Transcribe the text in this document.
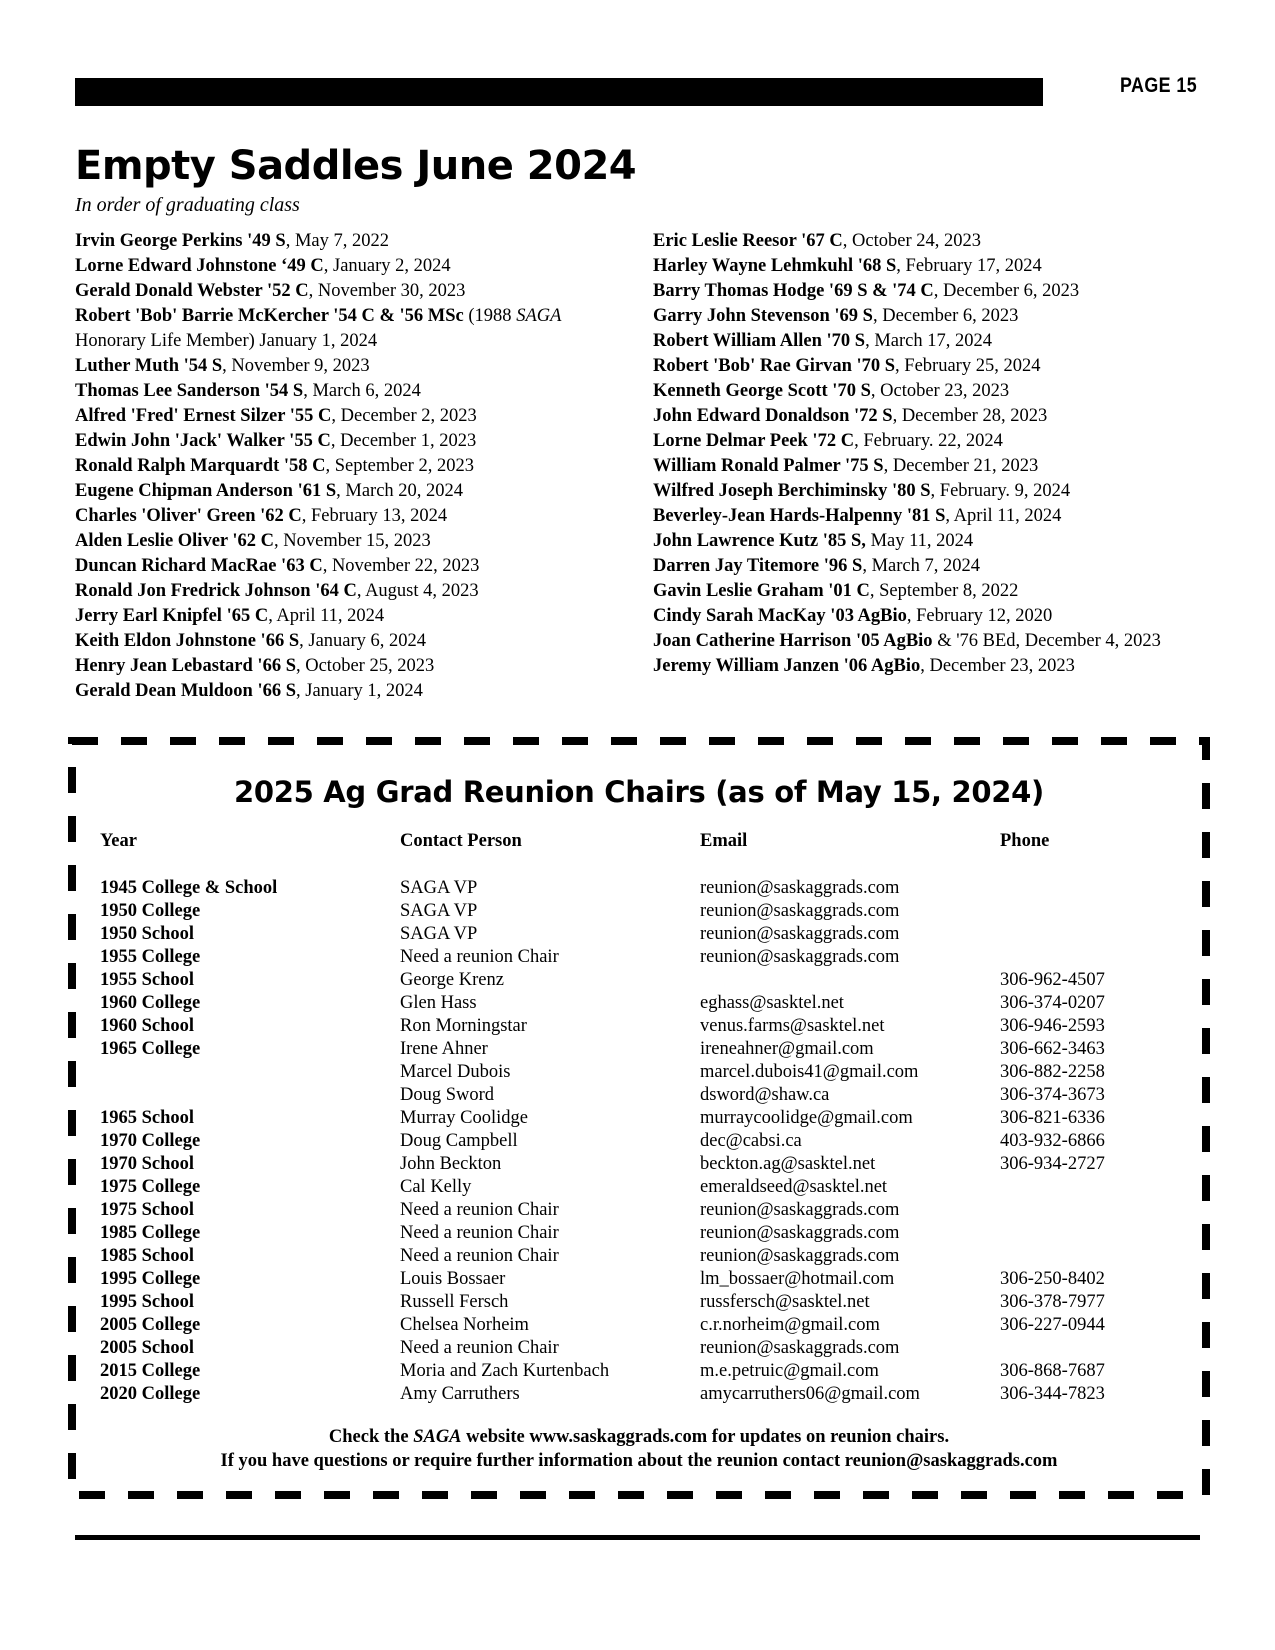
PAGE 15
Empty Saddles June 2024
In order of graduating class

Irvin George Perkins '49 S, May 7, 2022

Lorne Edward Johnstone ‘49 C, January 2, 2024

Gerald Donald Webster '52 C, November 30, 2023

Robert 'Bob' Barrie McKercher '54 C & '56 MSc (1988 SAGA Honorary Life Member) January 1, 2024

Luther Muth '54 S, November 9, 2023

Thomas Lee Sanderson '54 S, March 6, 2024

Alfred 'Fred' Ernest Silzer '55 C, December 2, 2023

Edwin John 'Jack' Walker '55 C, December 1, 2023

Ronald Ralph Marquardt '58 C, September 2, 2023

Eugene Chipman Anderson '61 S, March 20, 2024

Charles 'Oliver' Green '62 C, February 13, 2024

Alden Leslie Oliver '62 C, November 15, 2023

Duncan Richard MacRae '63 C, November 22, 2023

Ronald Jon Fredrick Johnson '64 C, August 4, 2023

Jerry Earl Knipfel '65 C, April 11, 2024

Keith Eldon Johnstone '66 S, January 6, 2024

Henry Jean Lebastard '66 S, October 25, 2023

Gerald Dean Muldoon '66 S, January 1, 2024

Eric Leslie Reesor '67 C, October 24, 2023

Harley Wayne Lehmkuhl '68 S, February 17, 2024

Barry Thomas Hodge '69 S & '74 C, December 6, 2023

Garry John Stevenson '69 S, December 6, 2023

Robert William Allen '70 S, March 17, 2024

Robert 'Bob' Rae Girvan '70 S, February 25, 2024

Kenneth George Scott '70 S, October 23, 2023

John Edward Donaldson '72 S, December 28, 2023

Lorne Delmar Peek '72 C, February. 22, 2024

William Ronald Palmer '75 S, December 21, 2023

Wilfred Joseph Berchiminsky '80 S, February. 9, 2024

Beverley-Jean Hards-Halpenny '81 S, April 11, 2024

John Lawrence Kutz '85 S, May 11, 2024

Darren Jay Titemore '96 S, March 7, 2024

Gavin Leslie Graham '01 C, September 8, 2022

Cindy Sarah MacKay '03 AgBio, February 12, 2020

Joan Catherine Harrison '05 AgBio & '76 BEd, December 4, 2023

Jeremy William Janzen '06 AgBio, December 23, 2023

2025 Ag Grad Reunion Chairs (as of May 15, 2024)
Year	Contact Person	Email	Phone

1945 College & School	SAGA VP	reunion@saskaggrads.com	
1950 College	SAGA VP	reunion@saskaggrads.com	
1950 School	SAGA VP	reunion@saskaggrads.com	
1955 College	Need a reunion Chair	reunion@saskaggrads.com	
1955 School	George Krenz		306-962-4507
1960 College	Glen Hass	eghass@sasktel.net	306-374-0207
1960 School	Ron Morningstar	venus.farms@sasktel.net	306-946-2593
1965 College	Irene Ahner	ireneahner@gmail.com	306-662-3463
	Marcel Dubois	marcel.dubois41@gmail.com	306-882-2258
	Doug Sword	dsword@shaw.ca	306-374-3673
1965 School	Murray Coolidge	murraycoolidge@gmail.com	306-821-6336
1970 College	Doug Campbell	dec@cabsi.ca	403-932-6866
1970 School	John Beckton	beckton.ag@sasktel.net	306-934-2727
1975 College	Cal Kelly	emeraldseed@sasktel.net	
1975 School	Need a reunion Chair	reunion@saskaggrads.com	
1985 College	Need a reunion Chair	reunion@saskaggrads.com	
1985 School	Need a reunion Chair	reunion@saskaggrads.com	
1995 College	Louis Bossaer	lm_bossaer@hotmail.com	306-250-8402
1995 School	Russell Fersch	russfersch@sasktel.net	306-378-7977
2005 College	Chelsea Norheim	c.r.norheim@gmail.com	306-227-0944
2005 School	Need a reunion Chair	reunion@saskaggrads.com	
2015 College	Moria and Zach Kurtenbach	m.e.petruic@gmail.com	306-868-7687
2020 College	Amy Carruthers	amycarruthers06@gmail.com	306-344-7823
Check the SAGA website www.saskaggrads.com for updates on reunion chairs.
If you have questions or require further information about the reunion contact reunion@saskaggrads.com
